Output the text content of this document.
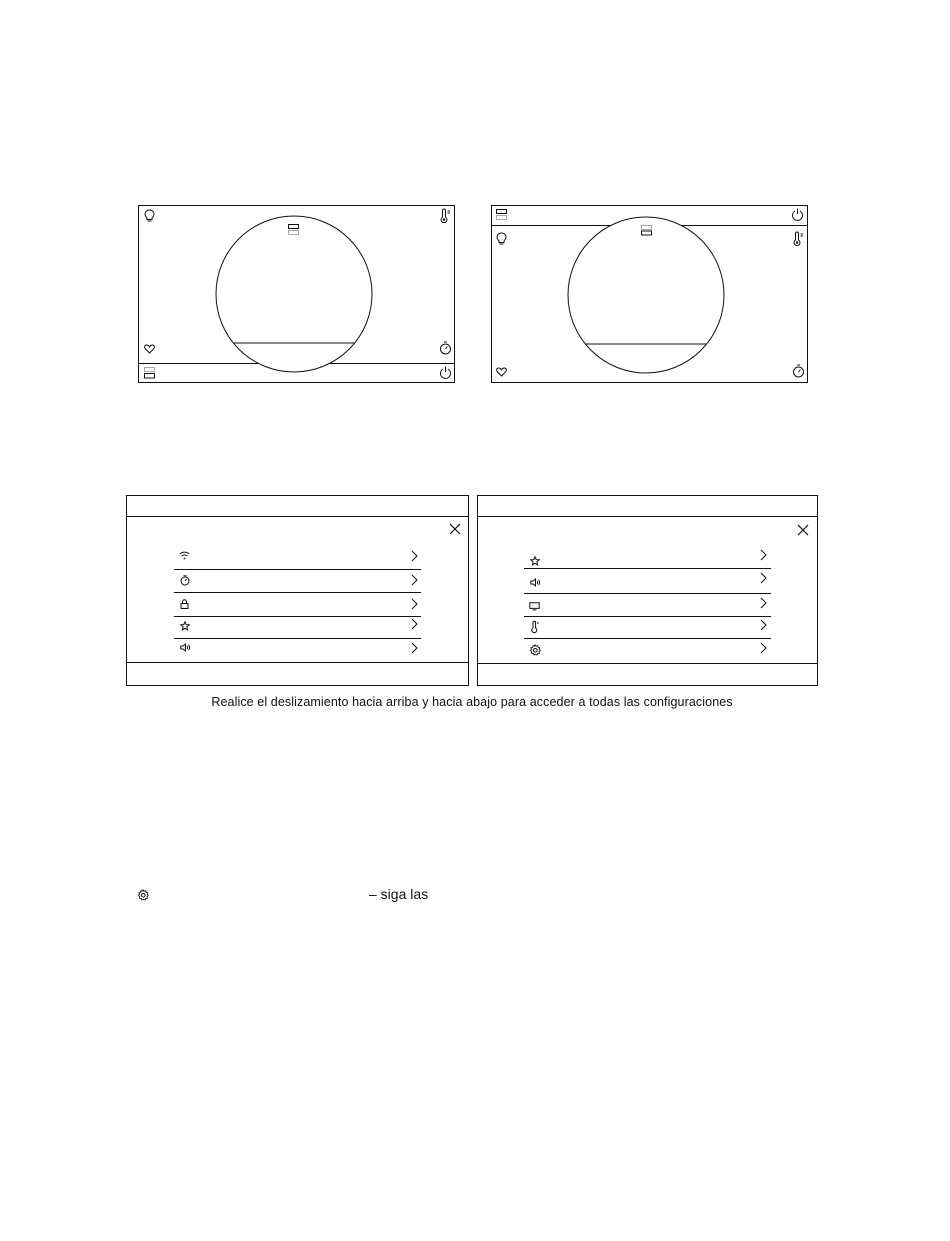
Realice el deslizamiento hacia arriba y hacia abajo para acceder a todas las configuraciones
– siga las
